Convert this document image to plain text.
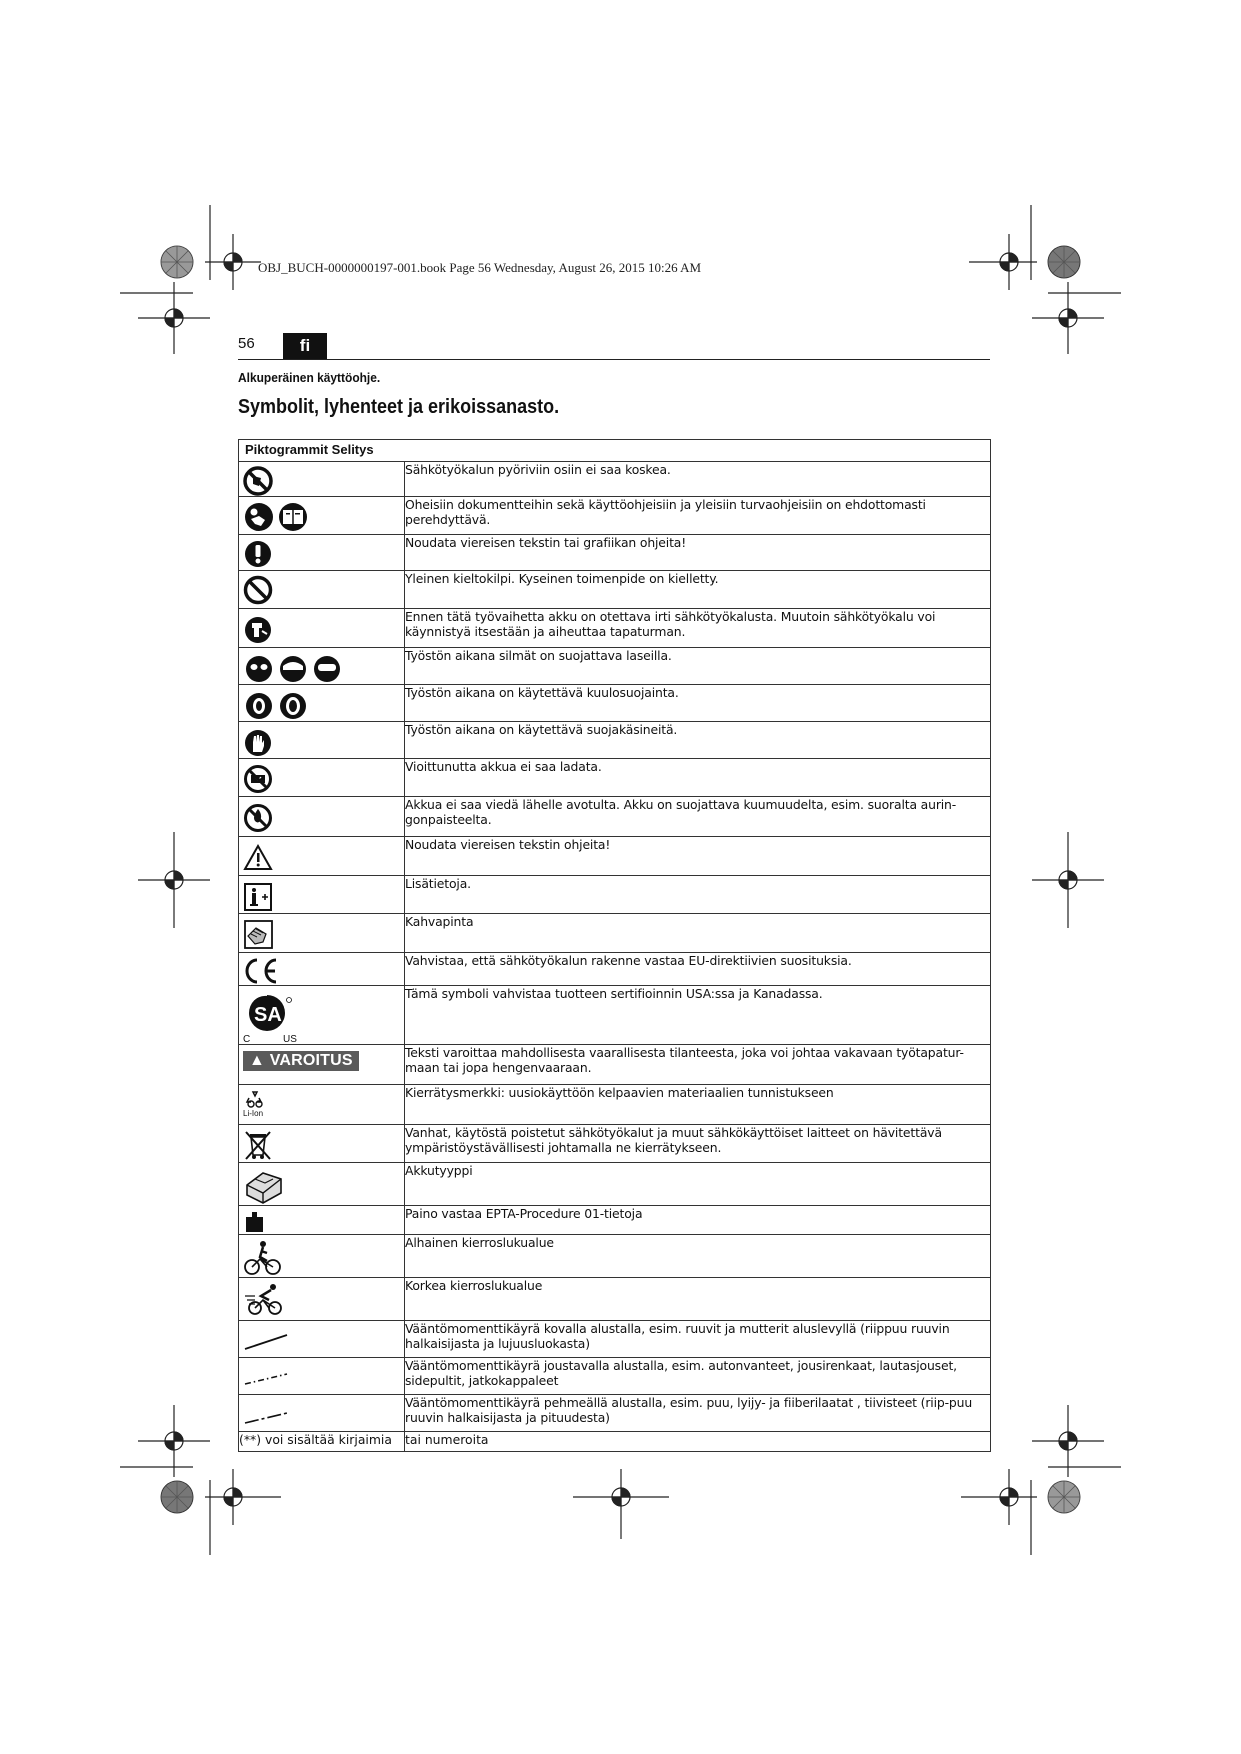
OBJ_BUCH-0000000197-001.book Page 56 Wednesday, August 26, 2015 10:26 AM
56	fi
Alkuperäinen käyttöohje.
Symbolit, lyhenteet ja erikoissanasto.
Piktogrammit Selitys	

	Sähkötyökalun pyöriviin osiin ei saa koskea.

	Oheisiin dokumentteihin sekä käyttöohjeisiin ja yleisiin turvaohjeisiin on ehdottomasti perehdyttävä.

	Noudata viereisen tekstin tai grafiikan ohjeita!

	Yleinen kieltokilpi. Kyseinen toimenpide on kielletty.

	Ennen tätä työvaihetta akku on otettava irti sähkötyökalusta. Muutoin sähkötyökalu voi käynnistyä itsestään ja aiheuttaa tapaturman.

	Työstön aikana silmät on suojattava laseilla.

	Työstön aikana on käytettävä kuulosuojainta.

	Työstön aikana on käytettävä suojakäsineitä.

	Vioittunutta akkua ei saa ladata.

	Akkua ei saa viedä lähelle avotulta. Akku on suojattava kuumuudelta, esim. suoralta aurin-gonpaisteelta.

	Noudata viereisen tekstin ohjeita!

	Lisätietoja.

	Kahvapinta

	Vahvistaa, että sähkötyökalun rakenne vastaa EU-direktiivien suosituksia.

SA
C US	Tämä symboli vahvistaa tuotteen sertifioinnin USA:ssa ja Kanadassa.
▲ VAROITUS	Teksti varoittaa mahdollisesta vaarallisesta tilanteesta, joka voi johtaa vakavaan työtapatur-maan tai jopa hengenvaaraan.

Li-Ion	Kierrätysmerkki: uusiokäyttöön kelpaavien materiaalien tunnistukseen

	Vanhat, käytöstä poistetut sähkötyökalut ja muut sähkökäyttöiset laitteet on hävitettävä ympäristöystävällisesti johtamalla ne kierrätykseen.

	Akkutyyppi

	Paino vastaa EPTA-Procedure 01-tietoja

	Alhainen kierroslukualue

	Korkea kierroslukualue

	Vääntömomenttikäyrä kovalla alustalla, esim. ruuvit ja mutterit aluslevyllä (riippuu ruuvin halkaisijasta ja lujuusluokasta)

	Vääntömomenttikäyrä joustavalla alustalla, esim. autonvanteet, jousirenkaat, lautasjouset, sidepultit, jatkokappaleet

	Vääntömomenttikäyrä pehmeällä alustalla, esim. puu, lyijy- ja fiiberilaatat , tiivisteet (riip-puu ruuvin halkaisijasta ja pituudesta)
(**) voi sisältää kirjaimia	tai numeroita
